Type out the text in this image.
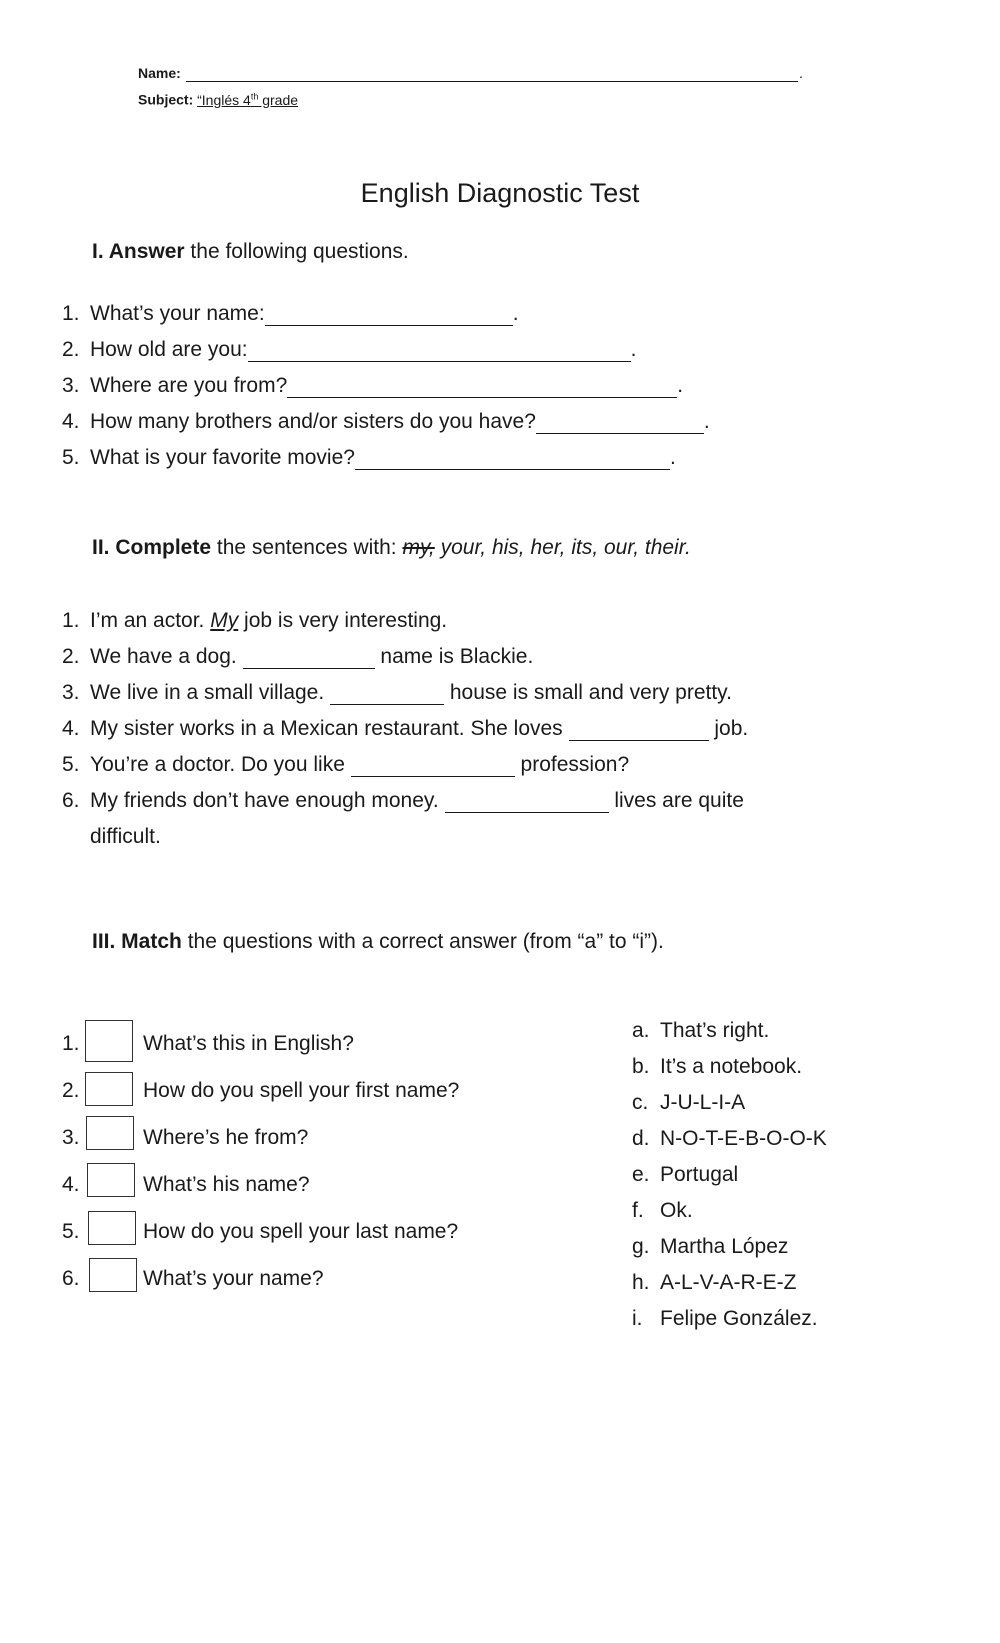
Name:	.
Subject: “Inglés 4th grade
English Diagnostic Test
I. Answer the following questions.
1. What’s your name:	.
2. How old are you:	.
3. Where are you from?	.
4. How many brothers and/or sisters do you have?	.
5. What is your favorite movie?	.
II. Complete the sentences with: my, your, his, her, its, our, their.
1. I’m an actor. My job is very interesting.
2. We have a dog.	name is Blackie.
3. We live in a small village.	house is small and very pretty.
4. My sister works in a Mexican restaurant. She loves	job.
5. You’re a doctor. Do you like	profession?
6. My friends don’t have enough money.	lives are quite
difficult.
III. Match the questions with a correct answer (from “a” to “i”).
1.	What’s this in English?
2.	How do you spell your first name?
3.	Where’s he from?
4.	What’s his name?
5.	How do you spell your last name?
6.	What’s your name?
a. That’s right.
b. It’s a notebook.
c. J-U-L-I-A
d. N-O-T-E-B-O-O-K
e. Portugal
f. Ok.
g. Martha López
h. A-L-V-A-R-E-Z
i. Felipe González.
